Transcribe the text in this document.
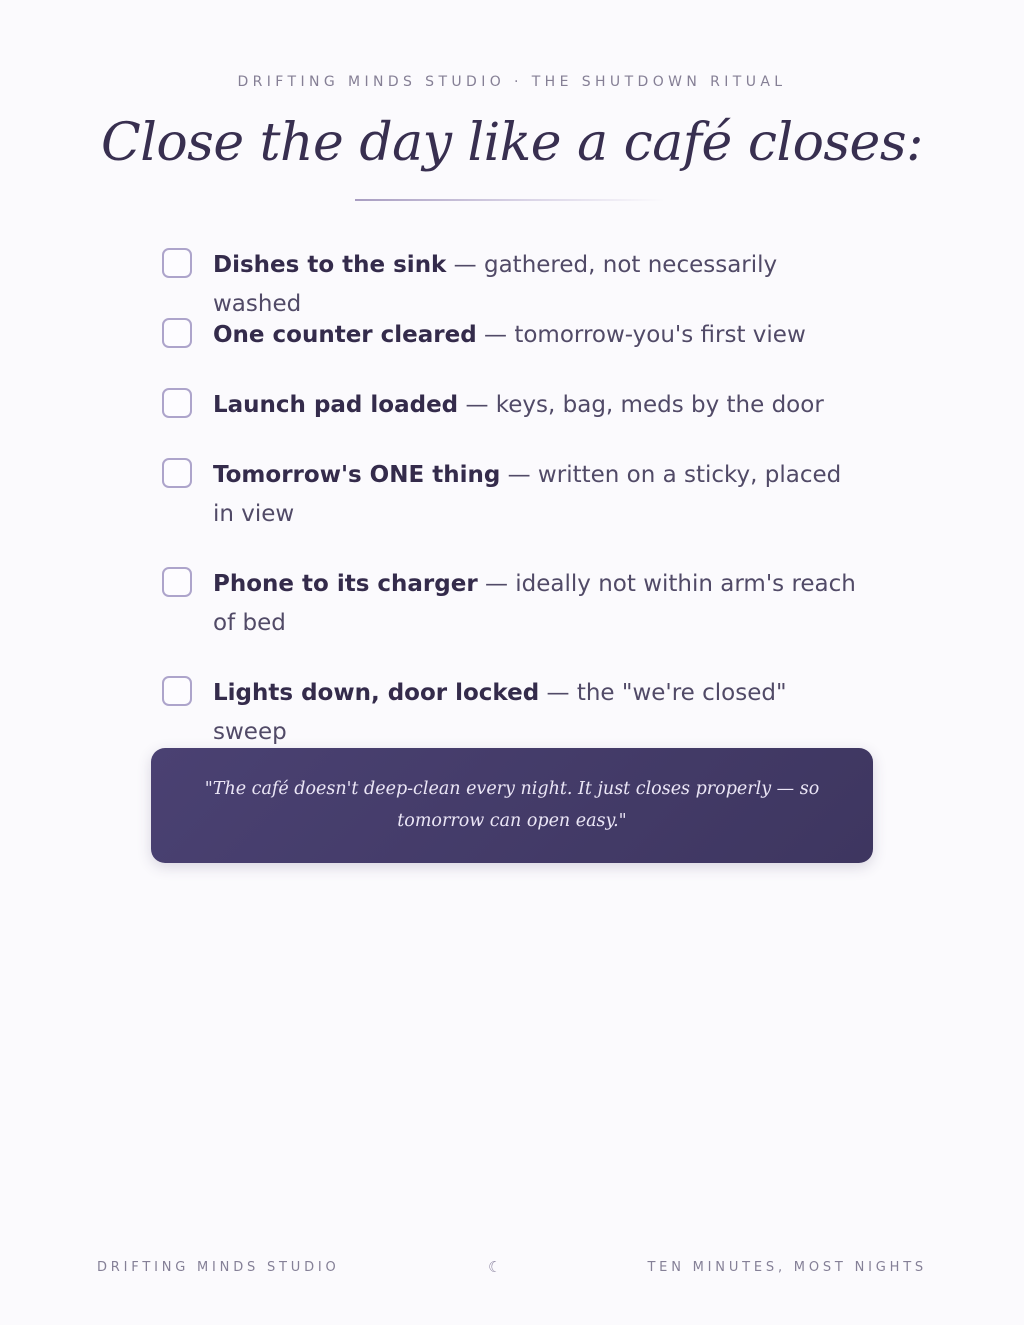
DRIFTING MINDS STUDIO · THE SHUTDOWN RITUAL
Close the day like a café closes:
Dishes to the sink — gathered, not necessarily washed
One counter cleared — tomorrow-you's first view
Launch pad loaded — keys, bag, meds by the door
Tomorrow's ONE thing — written on a sticky, placed in view
Phone to its charger — ideally not within arm's reach of bed
Lights down, door locked — the "we're closed" sweep
"The café doesn't deep-clean every night. It just closes properly — so tomorrow can open easy."
DRIFTING MINDS STUDIO	☾	TEN MINUTES, MOST NIGHTS
